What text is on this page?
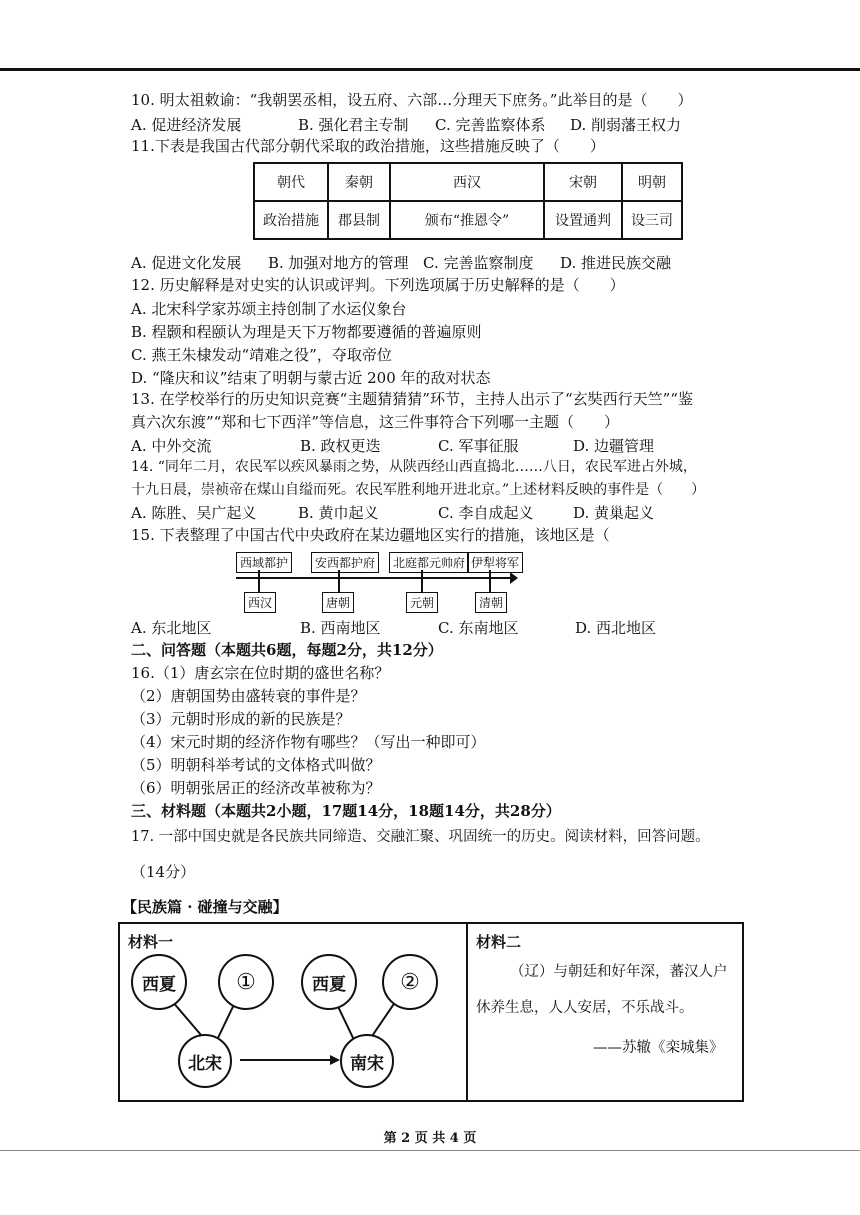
10. 明太祖敕谕：“我朝罢丞相，设五府、六部…分理天下庶务。”此举目的是（　　）
A. 促进经济发展	B. 强化君主专制 C. 完善监察体系 D. 削弱藩王权力
11.下表是我国古代部分朝代采取的政治措施，这些措施反映了（　　）
朝代	秦朝	西汉	宋朝	明朝
政治措施	郡县制	颁布“推恩令”	设置通判	设三司
A. 促进文化发展 B. 加强对地方的管理 C. 完善监察制度 D. 推进民族交融
12. 历史解释是对史实的认识或评判。下列选项属于历史解释的是（　　）
A. 北宋科学家苏颂主持创制了水运仪象台
B. 程颢和程颐认为理是天下万物都要遵循的普遍原则
C. 燕王朱棣发动“靖难之役”，夺取帝位
D. “隆庆和议”结束了明朝与蒙古近 200 年的敌对状态
13. 在学校举行的历史知识竞赛“主题猜猜猜”环节，主持人出示了“玄奘西行天竺”“鉴
真六次东渡”“郑和七下西洋”等信息，这三件事符合下列哪一主题（　　）
A. 中外交流	B. 政权更迭	C. 军事征服	D. 边疆管理
14. “同年二月，农民军以疾风暴雨之势，从陕西经山西直捣北……八日，农民军进占外城，
十九日晨，崇祯帝在煤山自缢而死。农民军胜利地开进北京。”上述材料反映的事件是（　　）
A. 陈胜、吴广起义	B. 黄巾起义	C. 李自成起义	D. 黄巢起义
15. 下表整理了中国古代中央政府在某边疆地区实行的措施，该地区是（
西域都护	安西都护府	北庭都元帅府 伊犁将军
西汉	唐朝	元朝	清朝
A. 东北地区	B. 西南地区	C. 东南地区	D. 西北地区
二、问答题（本题共6题，每题2分，共12分）
16.（1）唐玄宗在位时期的盛世名称？
（2）唐朝国势由盛转衰的事件是？
（3）元朝时形成的新的民族是？
（4）宋元时期的经济作物有哪些？（写出一种即可）
（5）明朝科举考试的文体格式叫做？
（6）明朝张居正的经济改革被称为？
三、材料题（本题共2小题，17题14分，18题14分，共28分）
17. 一部中国史就是各民族共同缔造、交融汇聚、巩固统一的历史。阅读材料，回答问题。
（14分）
【民族篇 · 碰撞与交融】
材料一
西夏	①
北宋
西夏	②
南宋
材料二
（辽）与朝廷和好年深，蕃汉人户
休养生息，人人安居，不乐战斗。
——苏辙《栾城集》
第 2 页 共 4 页
